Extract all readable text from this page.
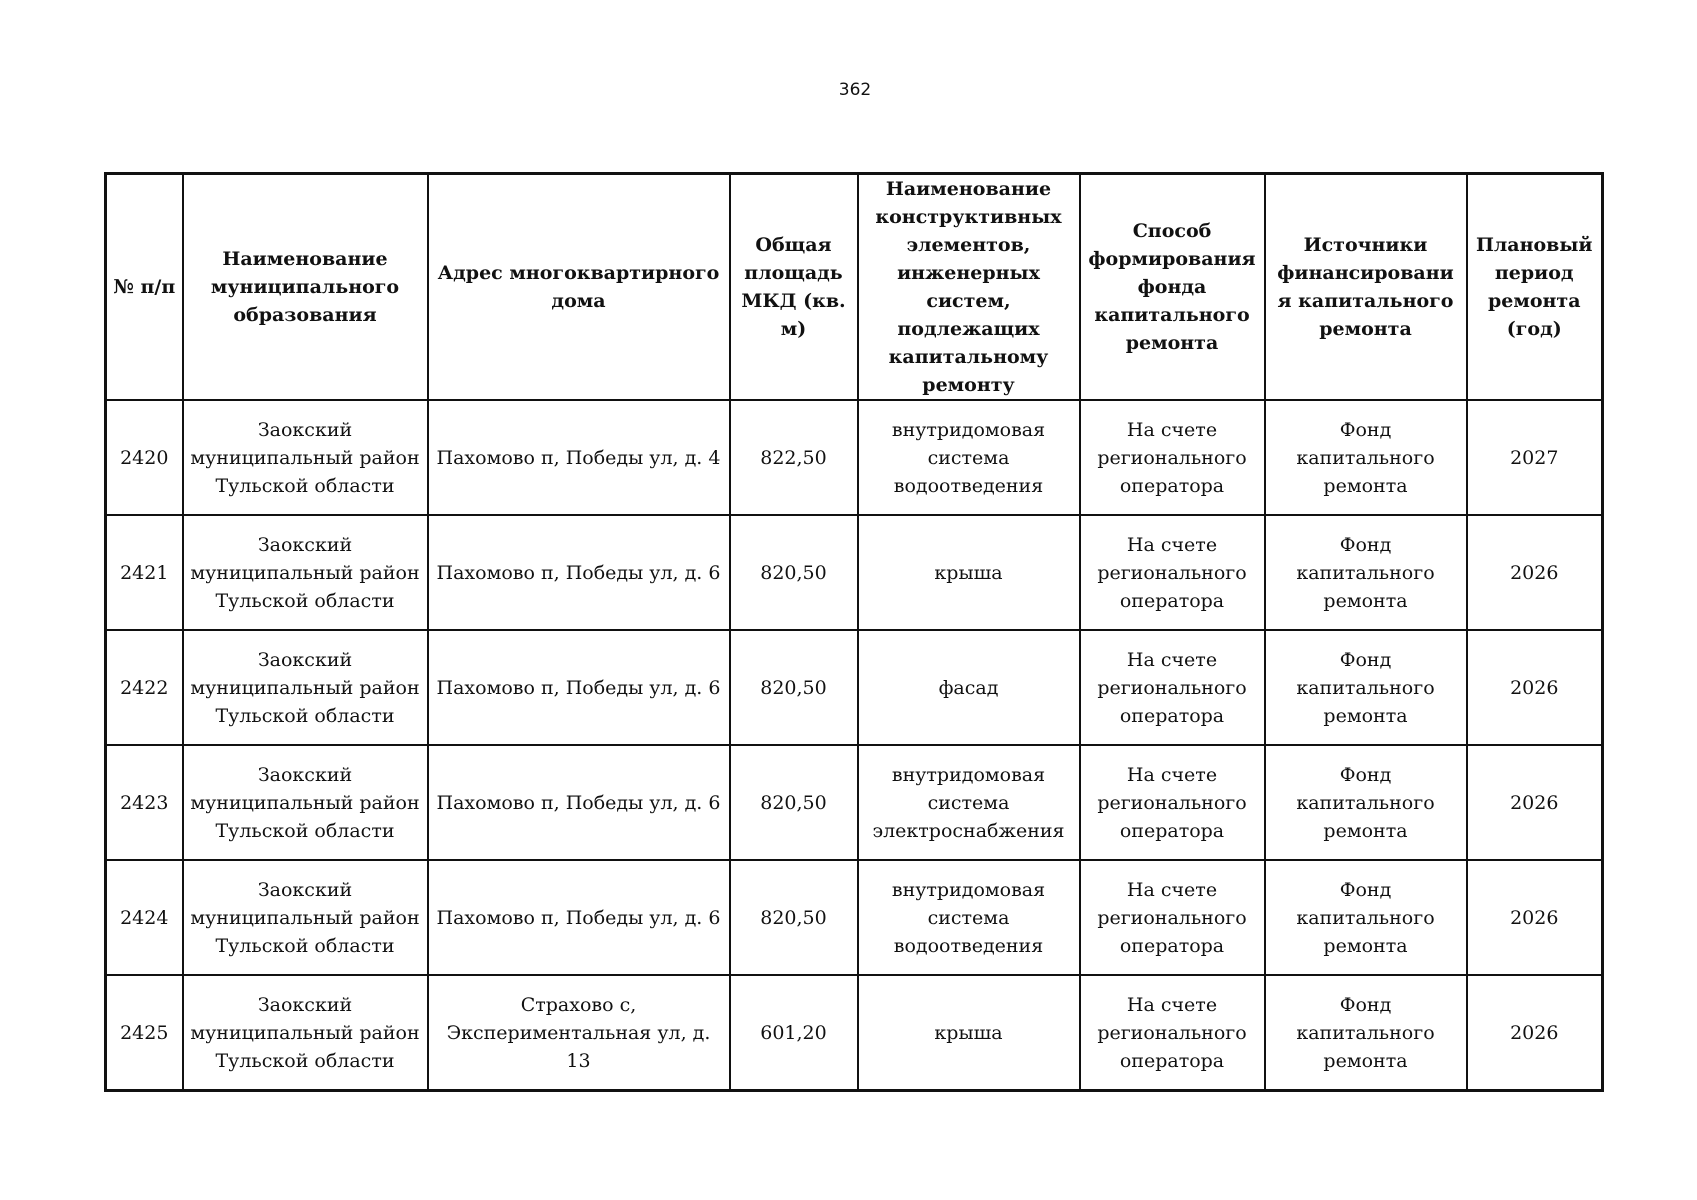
362
№ п/п	Наименование муниципального образования	Адрес многоквартирного дома	Общая площадь МКД (кв. м)	Наименование конструктивных элементов, инженерных систем, подлежащих капитальному ремонту	Способ формирования фонда капитального ремонта	Источники финансирования капитального ремонта	Плановый период ремонта (год)
2420	Заокский муниципальный район Тульской области	Пахомово п, Победы ул, д. 4	822,50	внутридомовая система водоотведения	На счете регионального оператора	Фонд капитального ремонта	2027
2421	Заокский муниципальный район Тульской области	Пахомово п, Победы ул, д. 6	820,50	крыша	На счете регионального оператора	Фонд капитального ремонта	2026
2422	Заокский муниципальный район Тульской области	Пахомово п, Победы ул, д. 6	820,50	фасад	На счете регионального оператора	Фонд капитального ремонта	2026
2423	Заокский муниципальный район Тульской области	Пахомово п, Победы ул, д. 6	820,50	внутридомовая система электроснабжения	На счете регионального оператора	Фонд капитального ремонта	2026
2424	Заокский муниципальный район Тульской области	Пахомово п, Победы ул, д. 6	820,50	внутридомовая система водоотведения	На счете регионального оператора	Фонд капитального ремонта	2026
2425	Заокский муниципальный район Тульской области	Страхово с, Экспериментальная ул, д. 13	601,20	крыша	На счете регионального оператора	Фонд капитального ремонта	2026
